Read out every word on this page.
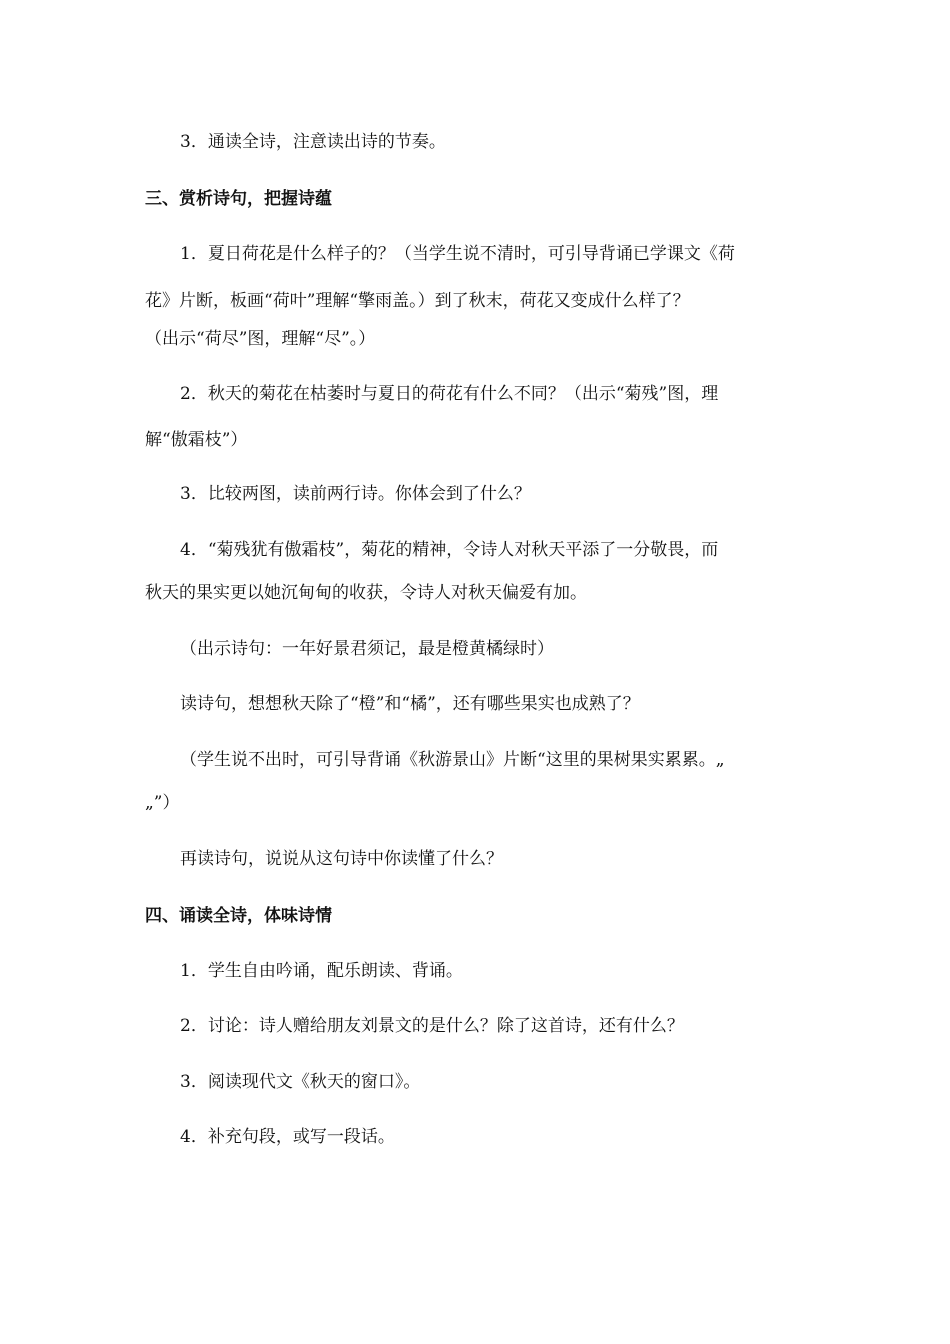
3．通读全诗，注意读出诗的节奏。
三、赏析诗句，把握诗蕴
1．夏日荷花是什么样子的？（当学生说不清时，可引导背诵已学课文《荷
花》片断，板画“荷叶”理解“擎雨盖。）到了秋末，荷花又变成什么样了？
（出示“荷尽”图，理解“尽”。）
2．秋天的菊花在枯萎时与夏日的荷花有什么不同？（出示“菊残”图，理
解“傲霜枝”）
3．比较两图，读前两行诗。你体会到了什么？
4．“菊残犹有傲霜枝”，菊花的精神，令诗人对秋天平添了一分敬畏，而
秋天的果实更以她沉甸甸的收获，令诗人对秋天偏爱有加。
（出示诗句：一年好景君须记，最是橙黄橘绿时）
读诗句，想想秋天除了“橙”和“橘”，还有哪些果实也成熟了？
（学生说不出时，可引导背诵《秋游景山》片断“这里的果树果实累累。„
„”）
再读诗句，说说从这句诗中你读懂了什么？
四、诵读全诗，体味诗情
1．学生自由吟诵，配乐朗读、背诵。
2．讨论：诗人赠给朋友刘景文的是什么？除了这首诗，还有什么？
3．阅读现代文《秋天的窗口》。
4．补充句段，或写一段话。
